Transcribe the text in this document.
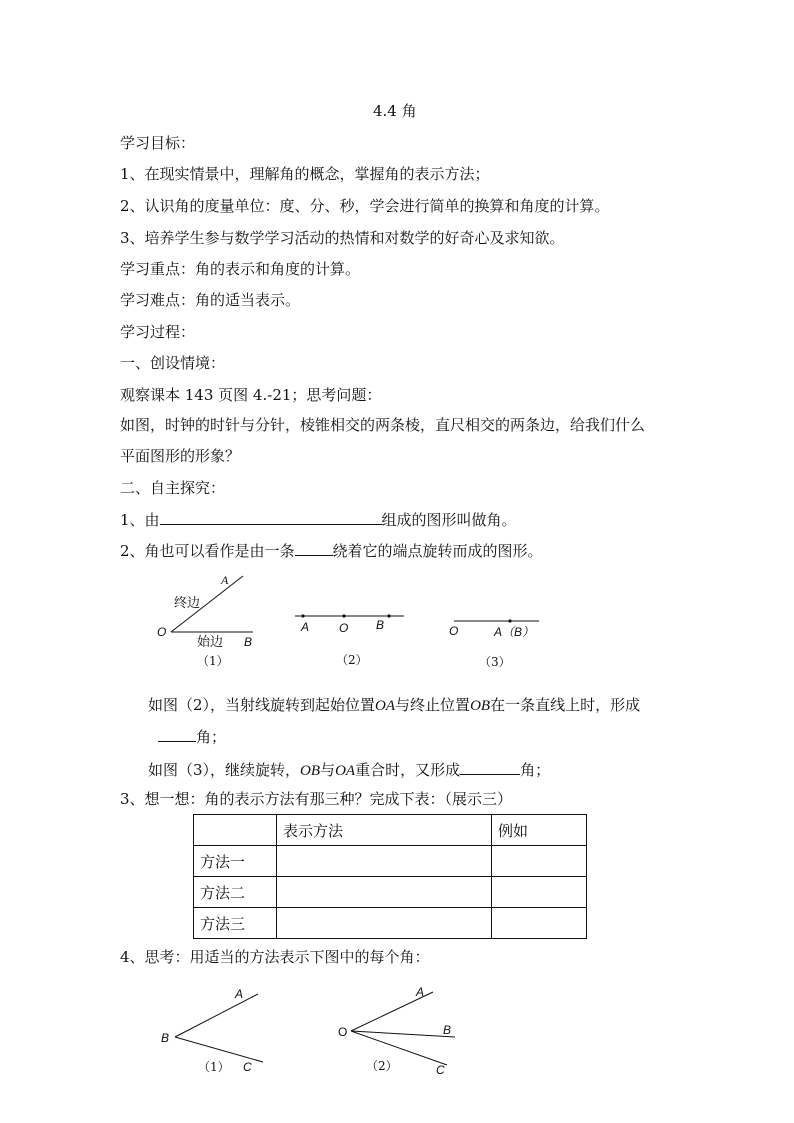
4.4 角
学习目标：
1、在现实情景中，理解角的概念，掌握角的表示方法；
2、认识角的度量单位：度、分、秒，学会进行简单的换算和角度的计算。
3、培养学生参与数学学习活动的热情和对数学的好奇心及求知欲。
学习重点：角的表示和角度的计算。
学习难点：角的适当表示。
学习过程：
一、创设情境：
观察课本 143 页图 4.-21；思考问题：
如图，时钟的时针与分针，棱锥相交的两条棱，直尺相交的两条边，给我们什么
平面图形的形象？
二、自主探究：
1、由	组成的图形叫做角。
2、角也可以看作是由一条	绕着它的端点旋转而成的图形。
A
O
B
终边
始边
（1）
A O B
（2）
O	A（B）
（3）
如图（2），当射线旋转到起始位置OA与终止位置OB在一条直线上时，形成
角；
如图（3），继续旋转，OB与OA重合时，又形成	角；
3、想一想：角的表示方法有那三种？完成下表：（展示三）
	表示方法	例如
方法一		
方法二		
方法三		
4、思考：用适当的方法表示下图中的每个角：
A
B
C
（1）
A
O	B
C
（2）
